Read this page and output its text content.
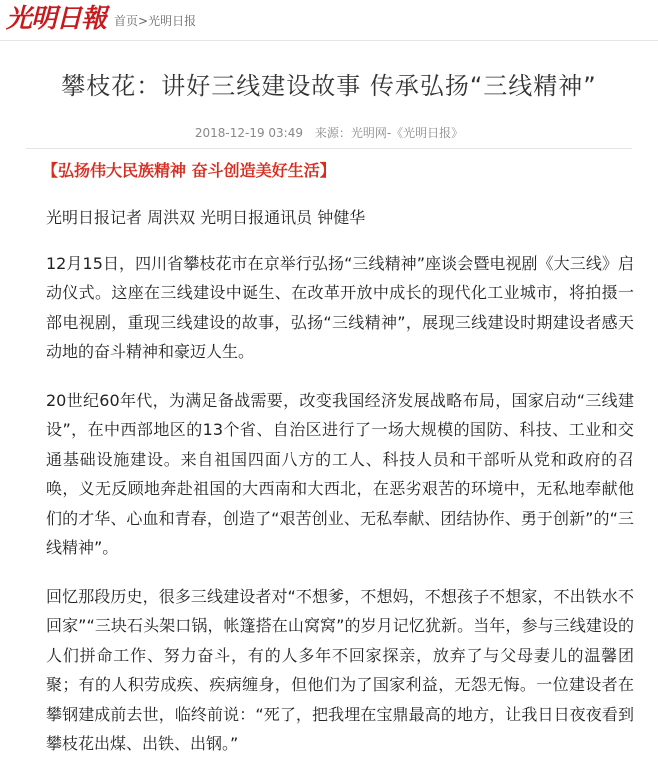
光明日報 首页>光明日报
攀枝花：讲好三线建设故事 传承弘扬“三线精神”
2018-12-19 03:49 来源：光明网-《光明日报》

【弘扬伟大民族精神 奋斗创造美好生活】

光明日报记者 周洪双 光明日报通讯员 钟健华

12月15日，四川省攀枝花市在京举行弘扬“三线精神”座谈会暨电视剧《大三线》启动仪式。这座在三线建设中诞生、在改革开放中成长的现代化工业城市，将拍摄一部电视剧，重现三线建设的故事，弘扬“三线精神”，展现三线建设时期建设者感天动地的奋斗精神和豪迈人生。

20世纪60年代，为满足备战需要，改变我国经济发展战略布局，国家启动“三线建设”，在中西部地区的13个省、自治区进行了一场大规模的国防、科技、工业和交通基础设施建设。来自祖国四面八方的工人、科技人员和干部听从党和政府的召唤，义无反顾地奔赴祖国的大西南和大西北，在恶劣艰苦的环境中，无私地奉献他们的才华、心血和青春，创造了“艰苦创业、无私奉献、团结协作、勇于创新”的“三线精神”。

回忆那段历史，很多三线建设者对“不想爹，不想妈，不想孩子不想家，不出铁水不回家”“三块石头架口锅，帐篷搭在山窝窝”的岁月记忆犹新。当年，参与三线建设的人们拼命工作、努力奋斗，有的人多年不回家探亲，放弃了与父母妻儿的温馨团聚；有的人积劳成疾、疾病缠身，但他们为了国家利益，无怨无悔。一位建设者在攀钢建成前去世，临终前说：“死了，把我埋在宝鼎最高的地方，让我日日夜夜看到攀枝花出煤、出铁、出钢。”
